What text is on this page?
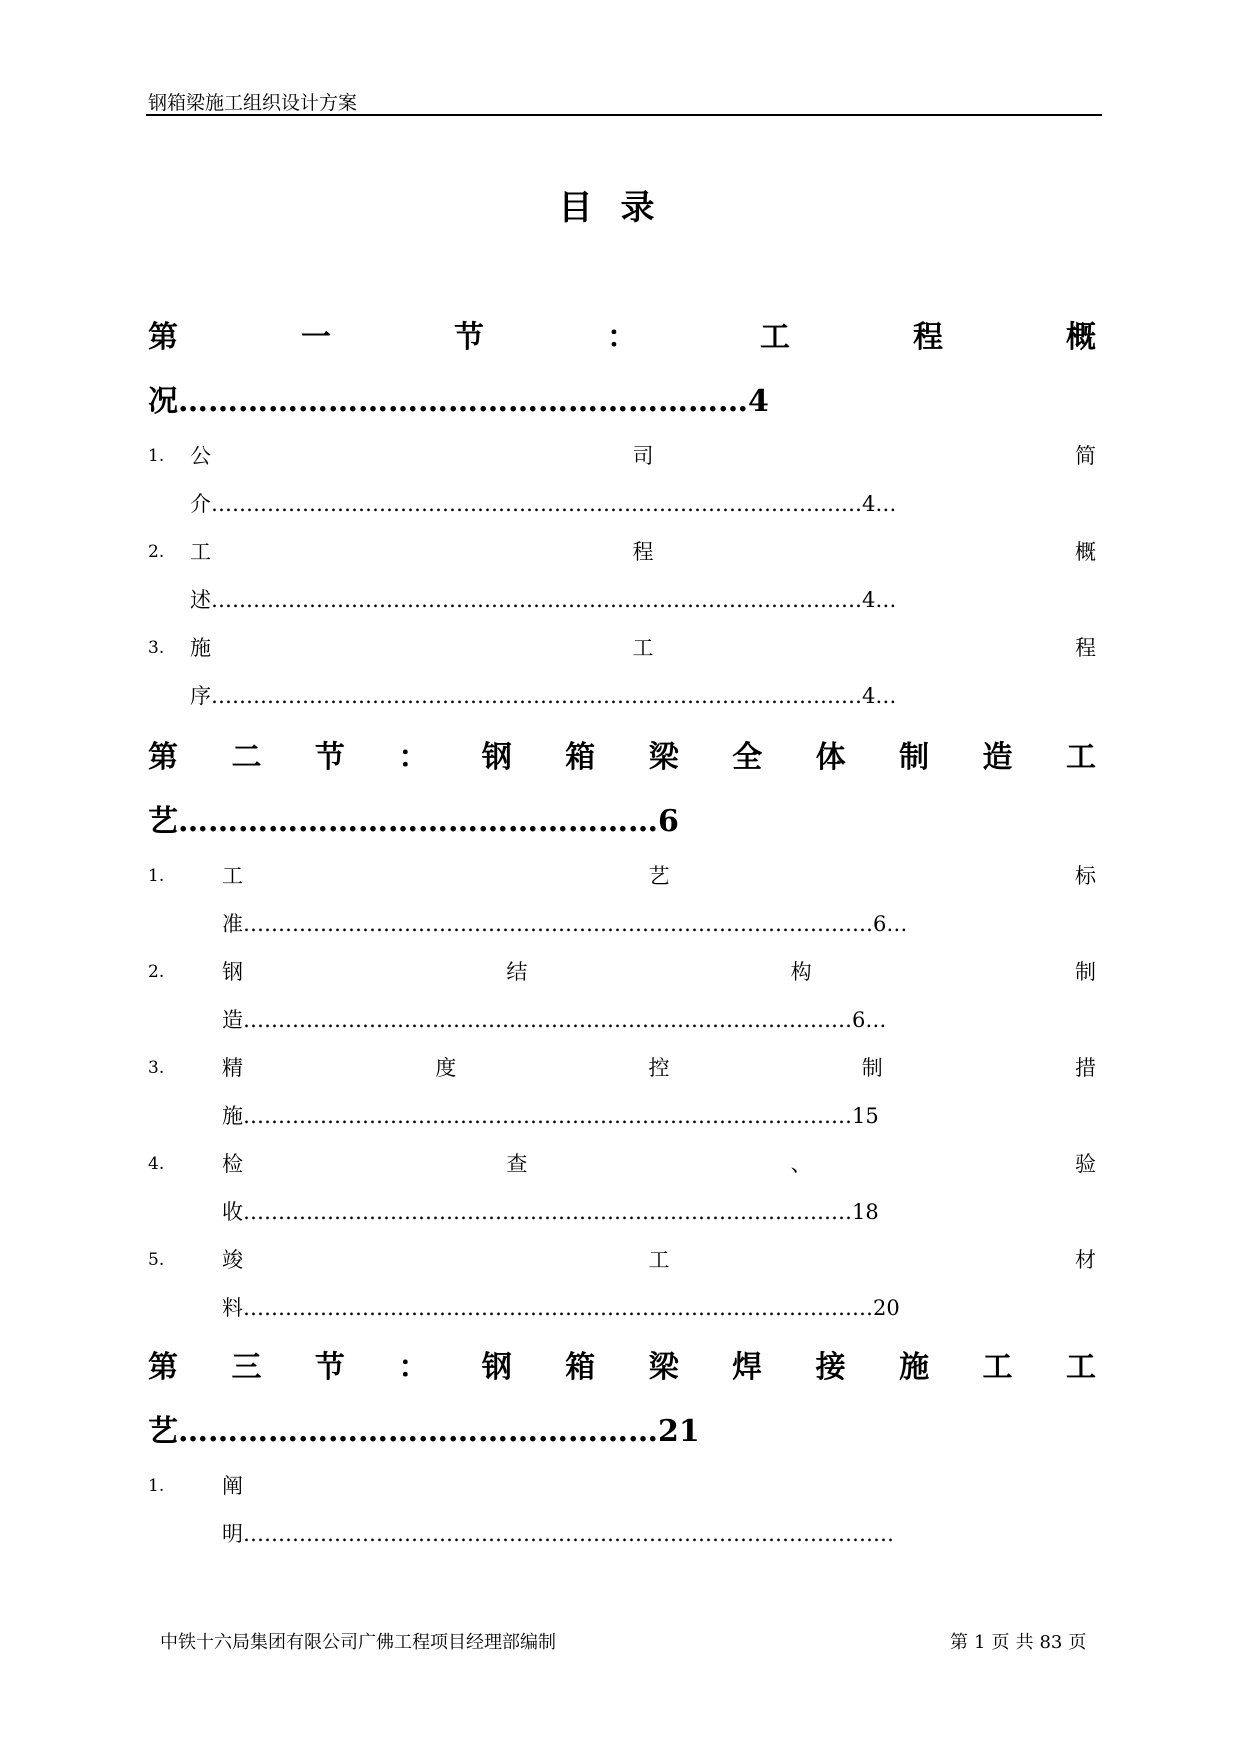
钢箱梁施工组织设计方案
目录
第	一	节	：	工	程	概
况…………………………………………………4
1. 公	司	简
介…………………………………………………………………………………4…
2. 工	程	概
述…………………………………………………………………………………4…
3. 施	工	程
序…………………………………………………………………………………4…
第 二 节 ： 钢 箱 梁 全 体 制 造 工
艺…………………………………………6
1.	工	艺	标
准………………………………………………………………………………6…
2.	钢	结	构	制
造……………………………………………………………………………6…
3.	精	度	控	制	措
施……………………………………………………………………………15
4.	检	查	、	验
收……………………………………………………………………………18
5.	竣	工	材
料………………………………………………………………………………20
第 三 节 ： 钢 箱 梁 焊 接 施 工 工
艺…………………………………………21
1.	阐
明…………………………………………………………………………………
中铁十六局集团有限公司广佛工程项目经理部编制	第 1 页 共 83 页
